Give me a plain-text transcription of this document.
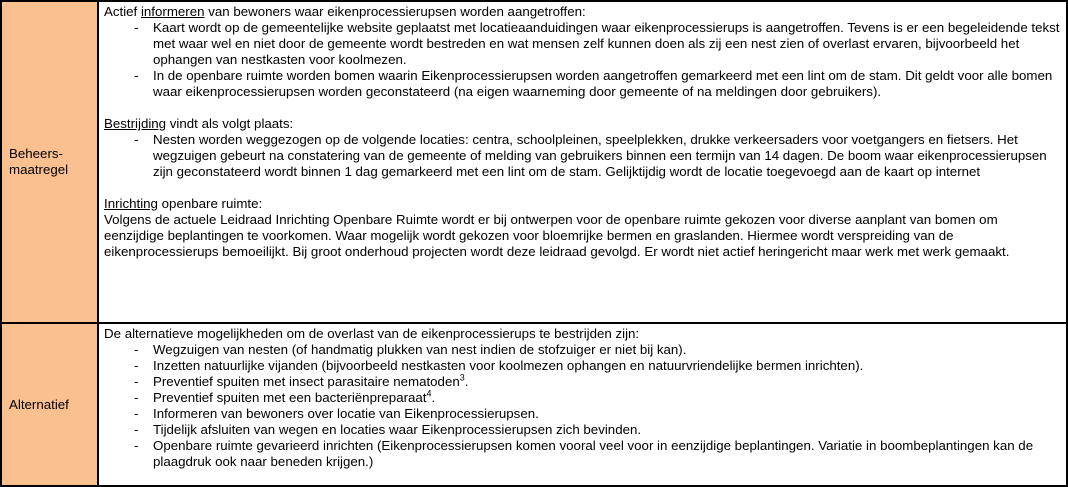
Beheers-
maatregel

Actief informeren van bewoners waar eikenprocessierupsen worden aangetroffen:

- Kaart wordt op de gemeentelijke website geplaatst met locatieaanduidingen waar eikenprocessierups is aangetroffen. Tevens is er een begeleidende tekst met waar wel en niet door de gemeente wordt bestreden en wat mensen zelf kunnen doen als zij een nest zien of overlast ervaren, bijvoorbeeld het ophangen van nestkasten voor koolmezen.
- In de openbare ruimte worden bomen waarin Eikenprocessierupsen worden aangetroffen gemarkeerd met een lint om de stam. Dit geldt voor alle bomen waar eikenprocessierupsen worden geconstateerd (na eigen waarneming door gemeente of na meldingen door gebruikers).

Bestrijding vindt als volgt plaats:

- Nesten worden weggezogen op de volgende locaties: centra, schoolpleinen, speelplekken, drukke verkeersaders voor voetgangers en fietsers. Het wegzuigen gebeurt na constatering van de gemeente of melding van gebruikers binnen een termijn van 14 dagen. De boom waar eikenprocessierupsen zijn geconstateerd wordt binnen 1 dag gemarkeerd met een lint om de stam. Gelijktijdig wordt de locatie toegevoegd aan de kaart op internet

Inrichting openbare ruimte:

Volgens de actuele Leidraad Inrichting Openbare Ruimte wordt er bij ontwerpen voor de openbare ruimte gekozen voor diverse aanplant van bomen om eenzijdige beplantingen te voorkomen. Waar mogelijk wordt gekozen voor bloemrijke bermen en graslanden. Hiermee wordt verspreiding van de eikenprocessierups bemoeilijkt. Bij groot onderhoud projecten wordt deze leidraad gevolgd. Er wordt niet actief heringericht maar werk met werk gemaakt.

Alternatief

De alternatieve mogelijkheden om de overlast van de eikenprocessierups te bestrijden zijn:

- Wegzuigen van nesten (of handmatig plukken van nest indien de stofzuiger er niet bij kan).
- Inzetten natuurlijke vijanden (bijvoorbeeld nestkasten voor koolmezen ophangen en natuurvriendelijke bermen inrichten).
- Preventief spuiten met insect parasitaire nematoden$^3$.
- Preventief spuiten met een bacteriënpreparaat$^4$.
- Informeren van bewoners over locatie van Eikenprocessierupsen.
- Tijdelijk afsluiten van wegen en locaties waar Eikenprocessierupsen zich bevinden.
- Openbare ruimte gevarieerd inrichten (Eikenprocessierupsen komen vooral veel voor in eenzijdige beplantingen. Variatie in boombeplantingen kan de plaagdruk ook naar beneden krijgen.)
